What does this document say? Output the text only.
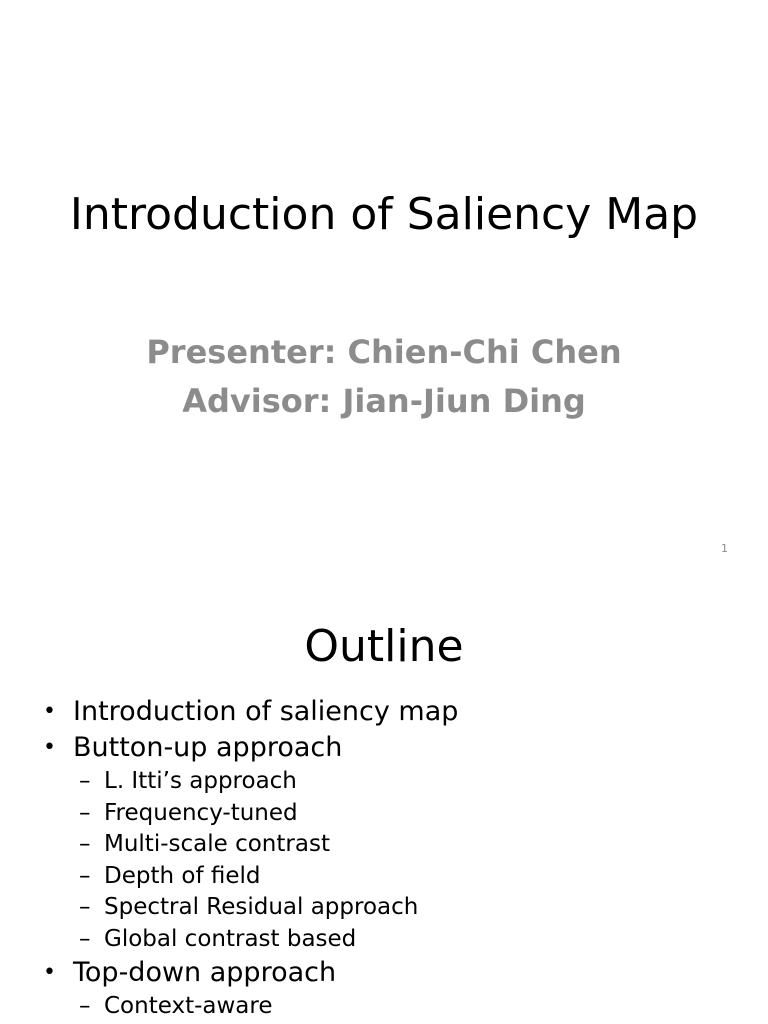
Introduction of Saliency Map

Presenter: Chien-Chi Chen

Advisor: Jian-Jiun Ding

1
Outline
• Introduction of saliency map
• Button-up approach
– L. Itti’s approach
– Frequency-tuned
– Multi-scale contrast
– Depth of field
– Spectral Residual approach
– Global contrast based
• Top-down approach
– Context-aware
